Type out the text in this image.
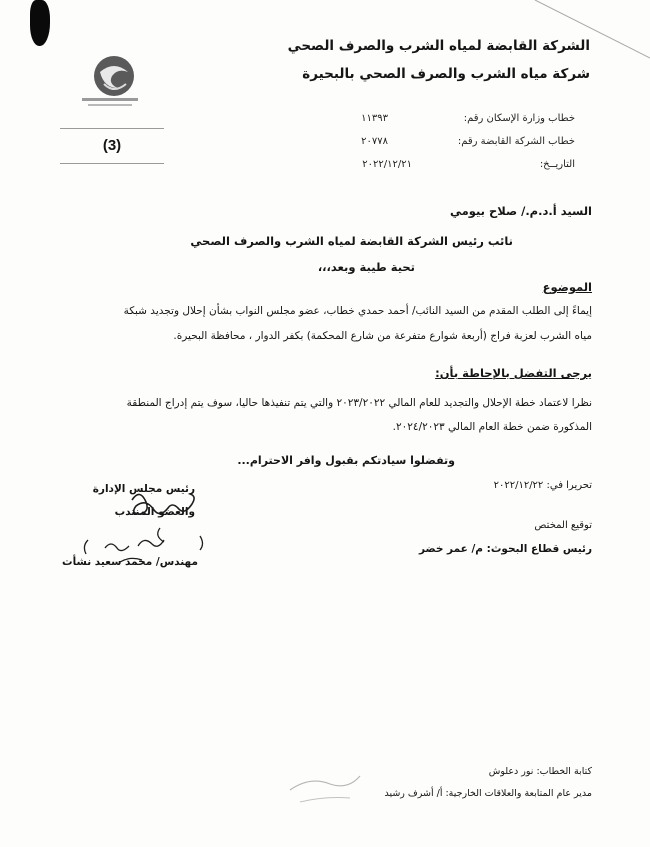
(3)
الشركة القابضة لمياه الشرب والصرف الصحي
شركة مياه الشرب والصرف الصحي بالبحيرة
خطاب وزارة الإسكان رقم:
١١٣٩٣
خطاب الشركة القابضة رقم:
٢٠٧٧٨
التاريــخ:
٢٠٢٢/١٢/٢١
السيد أ.د.م./ صلاح بيومي
نائب رئيس الشركة القابضة لمياه الشرب والصرف الصحي
تحية طيبة وبعد،،،
الموضوع
إيماءً إلى الطلب المقدم من السيد النائب/ أحمد حمدي خطاب، عضو مجلس النواب بشأن إحلال وتجديد شبكة
مياه الشرب لعزبة فراج (أربعة شوارع متفرعة من شارع المحكمة) بكفر الدوار ، محافظة البحيرة.
يرجى التفضل بالإحاطة بأن:
نظرا لاعتماد خطة الإحلال والتجديد للعام المالي ٢٠٢٣/٢٠٢٢ والتي يتم تنفيذها حاليا، سوف يتم إدراج المنطقة
المذكورة ضمن خطة العام المالي ٢٠٢٤/٢٠٢٣.
وتفضلوا سيادتكم بقبول وافر الاحترام...
تحريرا في: ٢٠٢٢/١٢/٢٢
توقيع المختص
رئيس قطاع البحوث: م/ عمر خضر
رئيس مجلس الإدارة
والعضو المنتدب
مهندس/ محمد سعيد نشأت
كتابة الخطاب: نور دعلوش
مدير عام المتابعة والعلاقات الخارجية: أ/ أشرف رشيد
